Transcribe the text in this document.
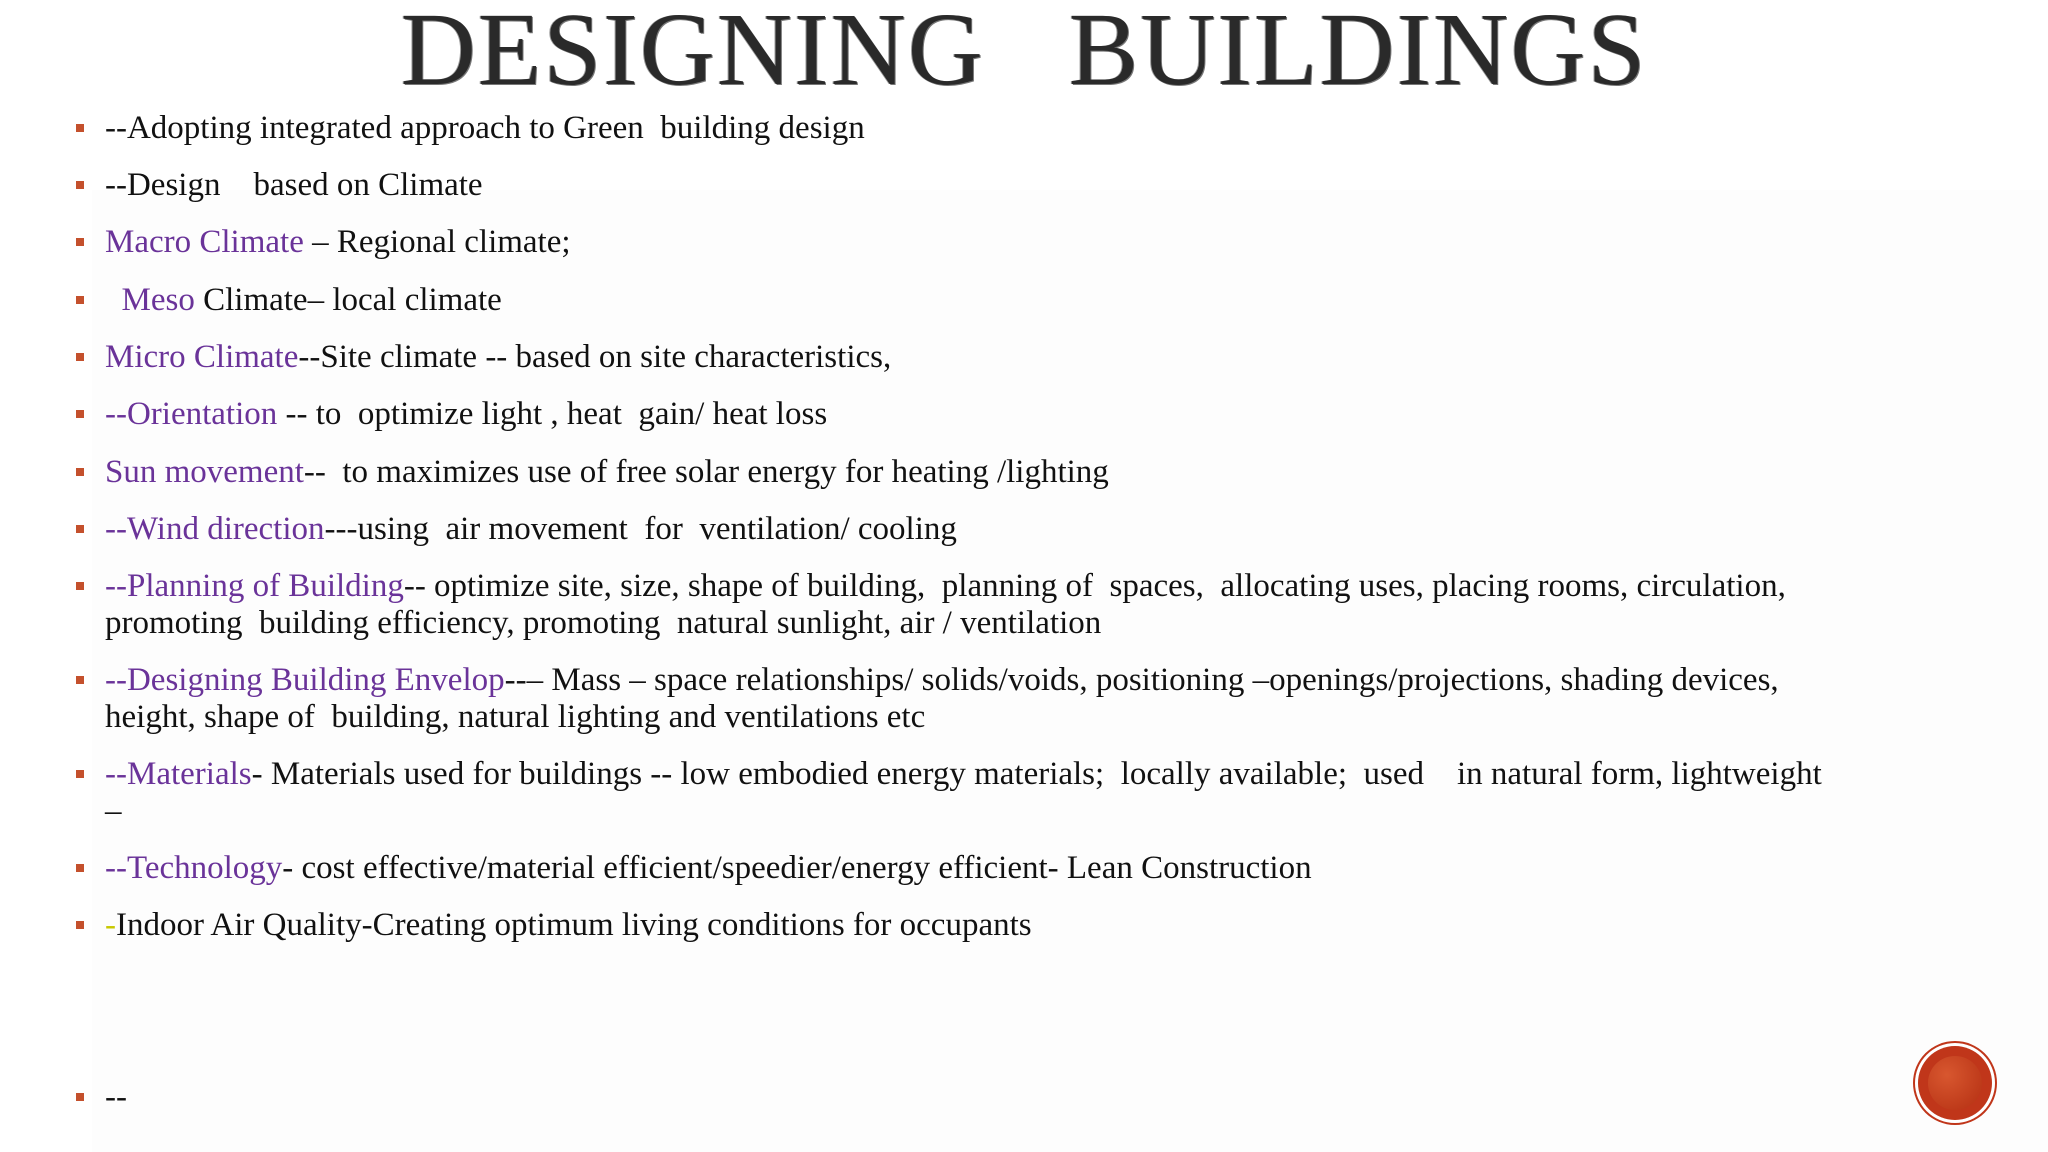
DESIGNING   BUILDINGS
--Adopting integrated approach to Green  building design
--Design    based on Climate
Macro Climate – Regional climate;
Meso Climate– local climate
Micro Climate--Site climate -- based on site characteristics,
--Orientation -- to  optimize light , heat  gain/ heat loss
Sun movement--  to maximizes use of free solar energy for heating /lighting
--Wind direction---using  air movement  for  ventilation/ cooling
--Planning of Building-- optimize site, size, shape of building,  planning of  spaces,  allocating uses, placing rooms, circulation, promoting  building efficiency, promoting  natural sunlight, air / ventilation
--Designing Building Envelop--– Mass – space relationships/ solids/voids, positioning –openings/projections, shading devices, height, shape of  building, natural lighting and ventilations etc
--Materials- Materials used for buildings -- low embodied energy materials;  locally available;  used    in natural form, lightweight –
--Technology- cost effective/material efficient/speedier/energy efficient- Lean Construction
-Indoor Air Quality-Creating optimum living conditions for occupants
--
